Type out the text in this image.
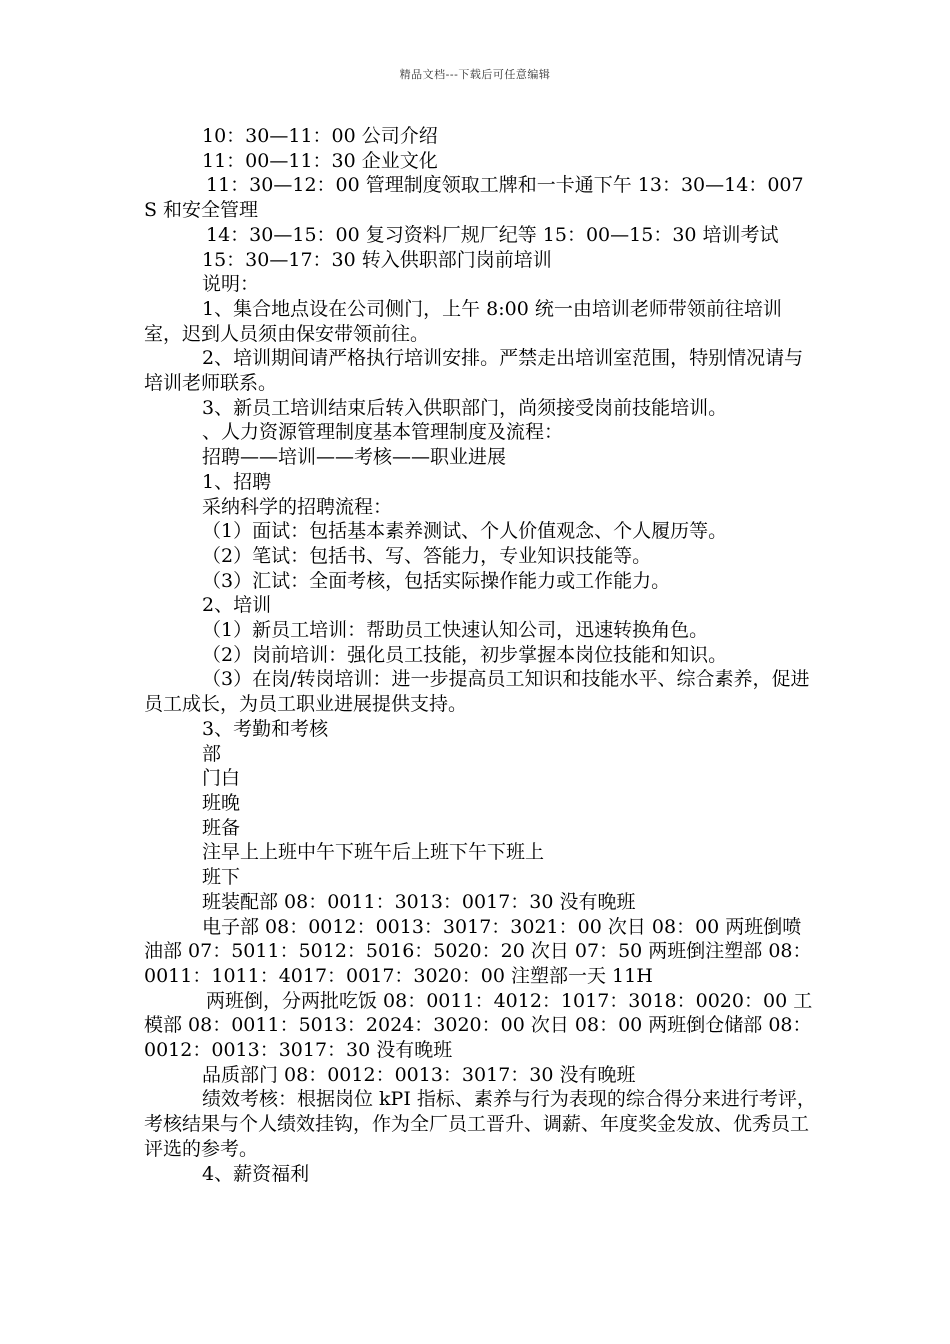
精品文档---下载后可任意编辑

10：30—11：00 公司介绍

11：00—11：30 企业文化

11：30—12：00 管理制度领取工牌和一卡通下午 13：30—14：007S 和安全管理

14：30—15：00 复习资料厂规厂纪等 15：00—15：30 培训考试

15：30—17：30 转入供职部门岗前培训

说明：

1、集合地点设在公司侧门，上午 8:00 统一由培训老师带领前往培训室，迟到人员须由保安带领前往。

2、培训期间请严格执行培训安排。严禁走出培训室范围，特别情况请与培训老师联系。

3、新员工培训结束后转入供职部门，尚须接受岗前技能培训。

、人力资源管理制度基本管理制度及流程：

招聘——培训——考核——职业进展

1、招聘

采纳科学的招聘流程：

（1）面试：包括基本素养测试、个人价值观念、个人履历等。

（2）笔试：包括书、写、答能力，专业知识技能等。

（3）汇试：全面考核，包括实际操作能力或工作能力。

2、培训

（1）新员工培训：帮助员工快速认知公司，迅速转换角色。

（2）岗前培训：强化员工技能，初步掌握本岗位技能和知识。

（3）在岗/转岗培训：进一步提高员工知识和技能水平、综合素养，促进员工成长，为员工职业进展提供支持。

3、考勤和考核

部

门白

班晚

班备

注早上上班中午下班午后上班下午下班上

班下

班装配部 08：0011：3013：0017：30 没有晚班

电子部 08：0012：0013：3017：3021：00 次日 08：00 两班倒喷油部 07：5011：5012：5016：5020：20 次日 07：50 两班倒注塑部 08：0011：1011：4017：0017：3020：00 注塑部一天 11H

两班倒，分两批吃饭 08：0011：4012：1017：3018：0020：00 工模部 08：0011：5013：2024：3020：00 次日 08：00 两班倒仓储部 08：0012：0013：3017：30 没有晚班

品质部门 08：0012：0013：3017：30 没有晚班

绩效考核：根据岗位 kPI 指标、素养与行为表现的综合得分来进行考评，考核结果与个人绩效挂钩，作为全厂员工晋升、调薪、年度奖金发放、优秀员工评选的参考。

4、薪资福利
